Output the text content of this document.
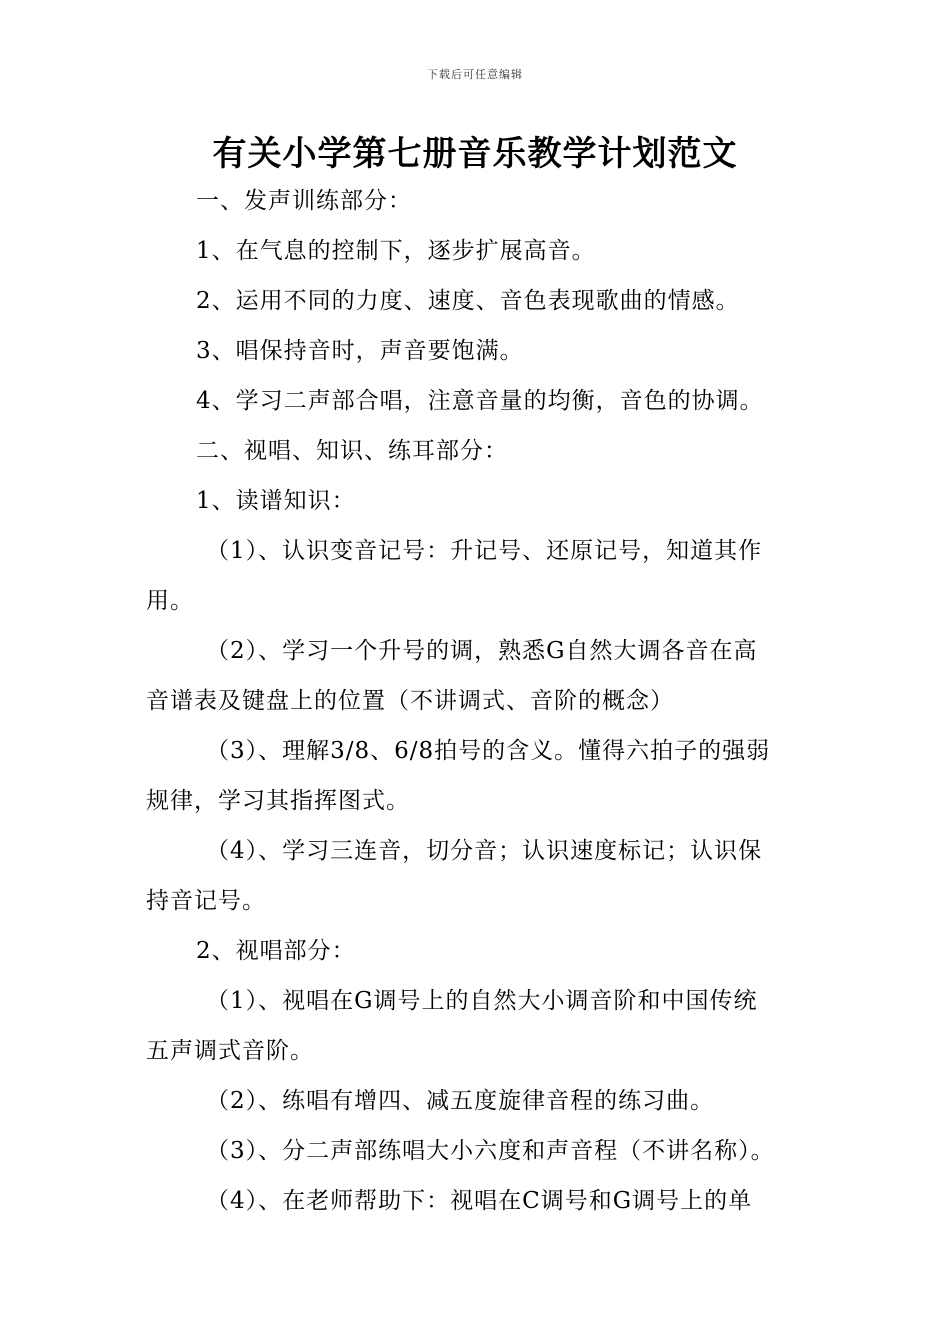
下载后可任意编辑
有关小学第七册音乐教学计划范文
一、发声训练部分：
1、在气息的控制下，逐步扩展高音。
2、运用不同的力度、速度、音色表现歌曲的情感。
3、唱保持音时，声音要饱满。
4、学习二声部合唱，注意音量的均衡，音色的协调。
二、视唱、知识、练耳部分：
1、读谱知识：
（1）、认识变音记号：升记号、还原记号，知道其作
用。
（2）、学习一个升号的调，熟悉G自然大调各音在高
音谱表及键盘上的位置（不讲调式、音阶的概念）
（3）、理解3/8、6/8拍号的含义。懂得六拍子的强弱
规律，学习其指挥图式。
（4）、学习三连音，切分音；认识速度标记；认识保
持音记号。
2、视唱部分：
（1）、视唱在G调号上的自然大小调音阶和中国传统
五声调式音阶。
（2）、练唱有增四、减五度旋律音程的练习曲。
（3）、分二声部练唱大小六度和声音程（不讲名称）。
（4）、在老师帮助下：视唱在C调号和G调号上的单
